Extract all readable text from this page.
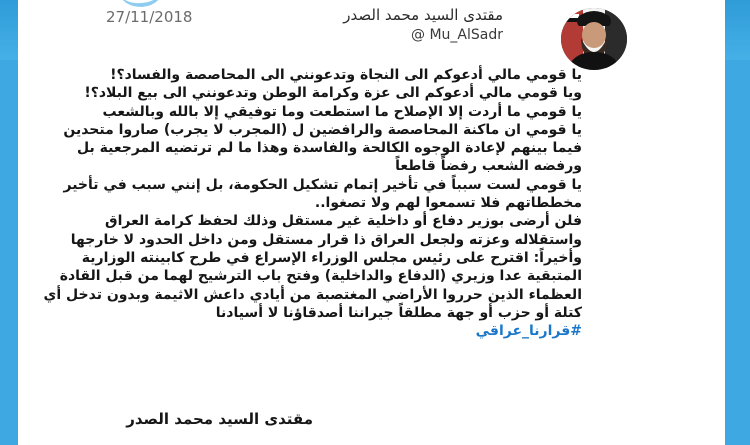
27/11/2018	مقتدى السيد محمد الصدر
@ Mu_AlSadr

يا قومي مالي أدعوكم الى النجاة وتدعونني الى المحاصصة والفساد؟!

ويا قومي مالي أدعوكم الى عزة وكرامة الوطن وتدعونني الى بيع البلاد؟!

يا قومي ما أردت إلا الإصلاح ما استطعت وما توفيقي إلا بالله وبالشعب

يا قومي ان ماكنة المحاصصة والرافضين ل (المجرب لا يجرب) صاروا متحدين فيما بينهم لإعادة الوجوه الكالحة والفاسدة وهذا ما لم ترتضيه المرجعية بل ورفضه الشعب رفضاً قاطعاً

يا قومي لست سبباً في تأخير إتمام تشكيل الحكومة، بل إنني سبب في تأخير مخططاتهم فلا تسمعوا لهم ولا تصغوا..

فلن أرضى بوزير دفاع أو داخلية غير مستقل وذلك لحفظ كرامة العراق واستقلاله وعزته ولجعل العراق ذا قرار مستقل ومن داخل الحدود لا خارجها

وأخيراً: اقترح على رئيس مجلس الوزراء الإسراع في طرح كابينته الوزارية المتبقية عدا وزيري (الدفاع والداخلية) وفتح باب الترشيح لهما من قبل القادة العظماء الذين حرروا الأراضي المغتصبة من أيادي داعش الاثيمة وبدون تدخل أي كتلة أو حزب أو جهة مطلقاً جيراننا أصدقاؤنا لا أسيادنا

#قرارنا_عراقي

مقتدى السيد محمد الصدر
